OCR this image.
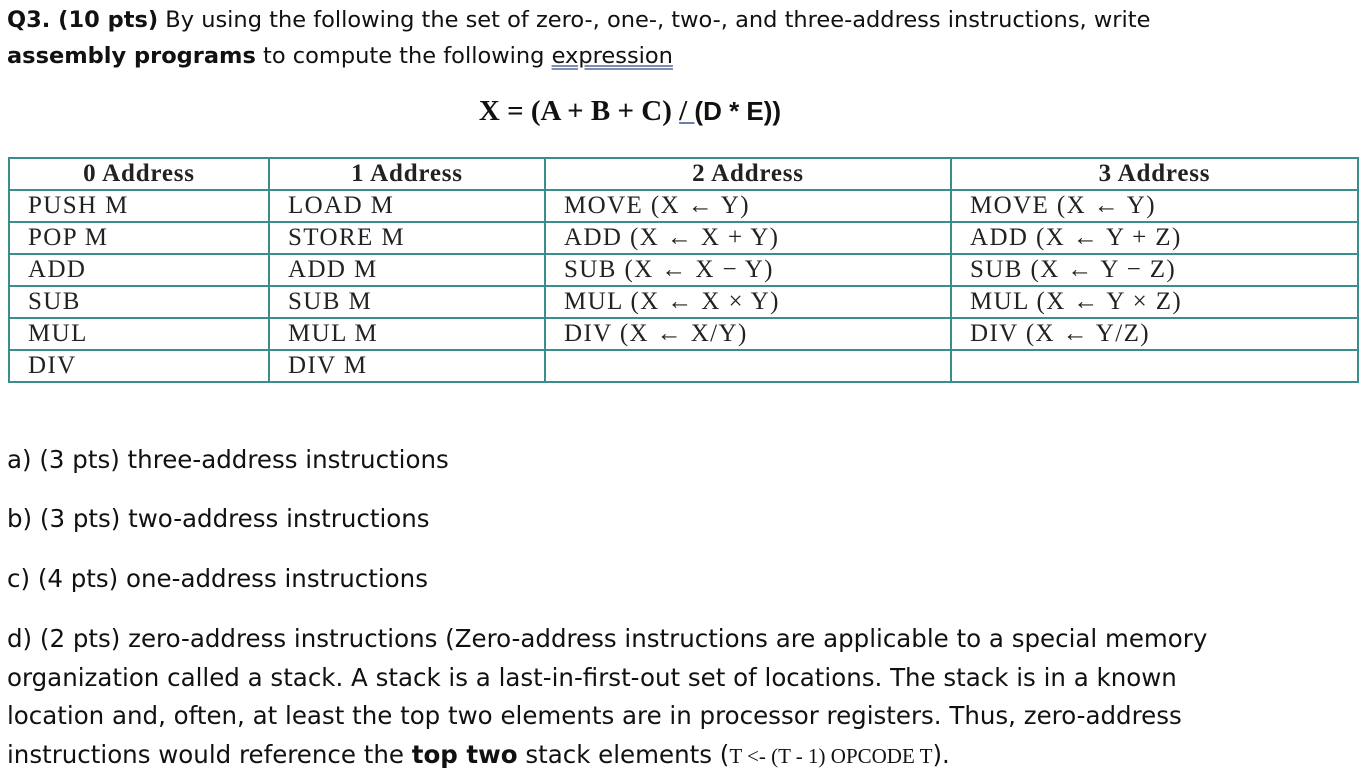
Q3. (10 pts) By using the following the set of zero-, one-, two-, and three-address instructions, write assembly programs to compute the following expression
X = (A + B + C) / (D * E))
0 Address	1 Address	2 Address	3 Address
PUSH M	LOAD M	MOVE (X ← Y)	MOVE (X ← Y)
POP M	STORE M	ADD (X ← X + Y)	ADD (X ← Y + Z)
ADD	ADD M	SUB (X ← X − Y)	SUB (X ← Y − Z)
SUB	SUB M	MUL (X ← X × Y)	MUL (X ← Y × Z)
MUL	MUL M	DIV (X ← X/Y)	DIV (X ← Y/Z)
DIV	DIV M		
a) (3 pts) three-address instructions
b) (3 pts) two-address instructions
c) (4 pts) one-address instructions
d) (2 pts) zero-address instructions (Zero-address instructions are applicable to a special memory organization called a stack. A stack is a last-in-first-out set of locations. The stack is in a known location and, often, at least the top two elements are in processor registers. Thus, zero-address instructions would reference the top two stack elements (T <- (T - 1) OPCODE T).
